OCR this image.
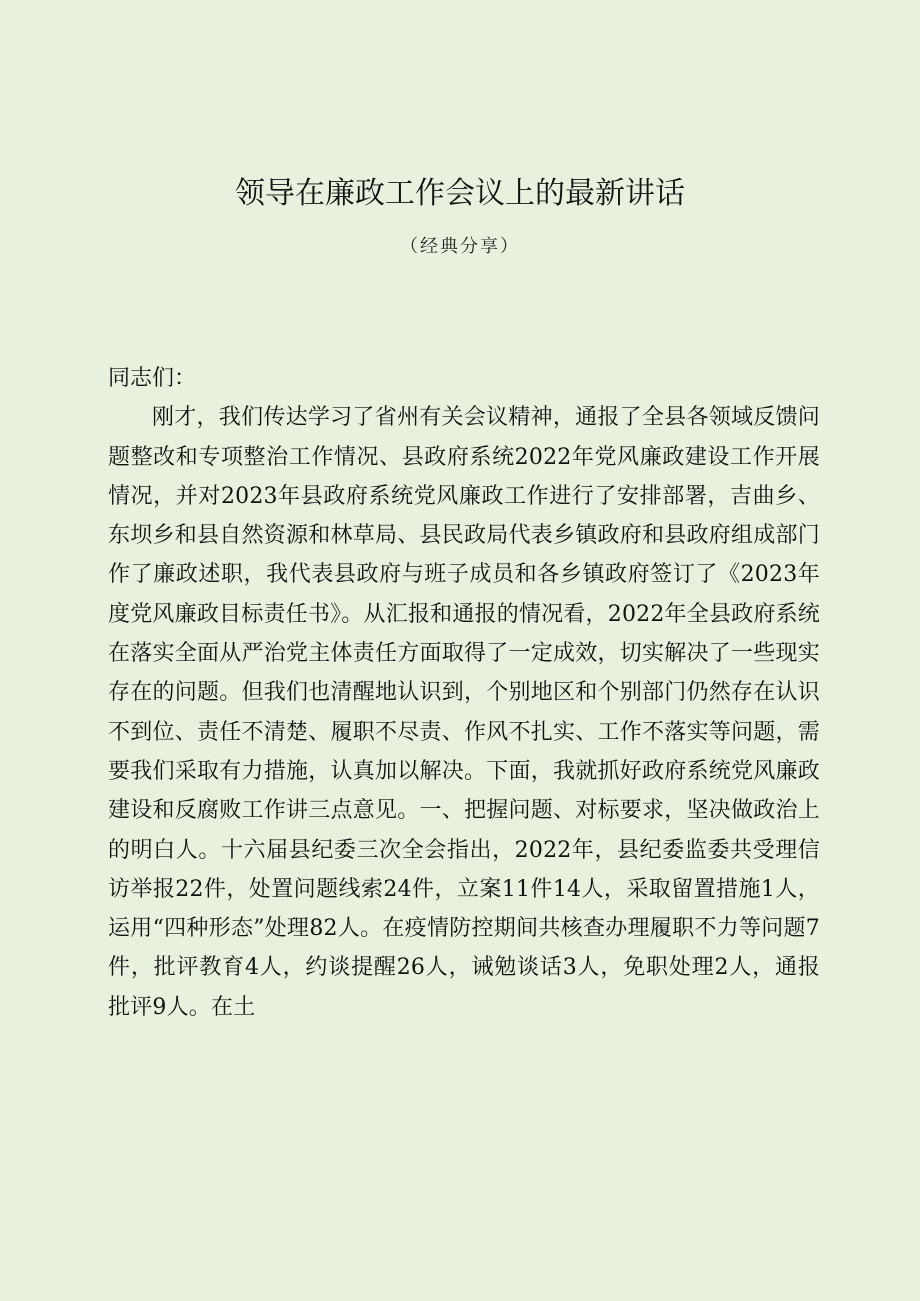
领导在廉政工作会议上的最新讲话
（经典分享）

同志们：

刚才，我们传达学习了省州有关会议精神，通报了全县各领域反馈问题整改和专项整治工作情况、县政府系统2022年党风廉政建设工作开展情况，并对2023年县政府系统党风廉政工作进行了安排部署，吉曲乡、东坝乡和县自然资源和林草局、县民政局代表乡镇政府和县政府组成部门作了廉政述职，我代表县政府与班子成员和各乡镇政府签订了《2023年度党风廉政目标责任书》。从汇报和通报的情况看，2022年全县政府系统在落实全面从严治党主体责任方面取得了一定成效，切实解决了一些现实存在的问题。但我们也清醒地认识到，个别地区和个别部门仍然存在认识不到位、责任不清楚、履职不尽责、作风不扎实、工作不落实等问题，需要我们采取有力措施，认真加以解决。下面，我就抓好政府系统党风廉政建设和反腐败工作讲三点意见。一、把握问题、对标要求，坚决做政治上的明白人。十六届县纪委三次全会指出，2022年，县纪委监委共受理信访举报22件，处置问题线索24件，立案11件14人，采取留置措施1人，运用“四种形态”处理82人。在疫情防控期间共核查办理履职不力等问题7件，批评教育4人，约谈提醒26人，诫勉谈话3人，免职处理2人，通报批评9人。在土
